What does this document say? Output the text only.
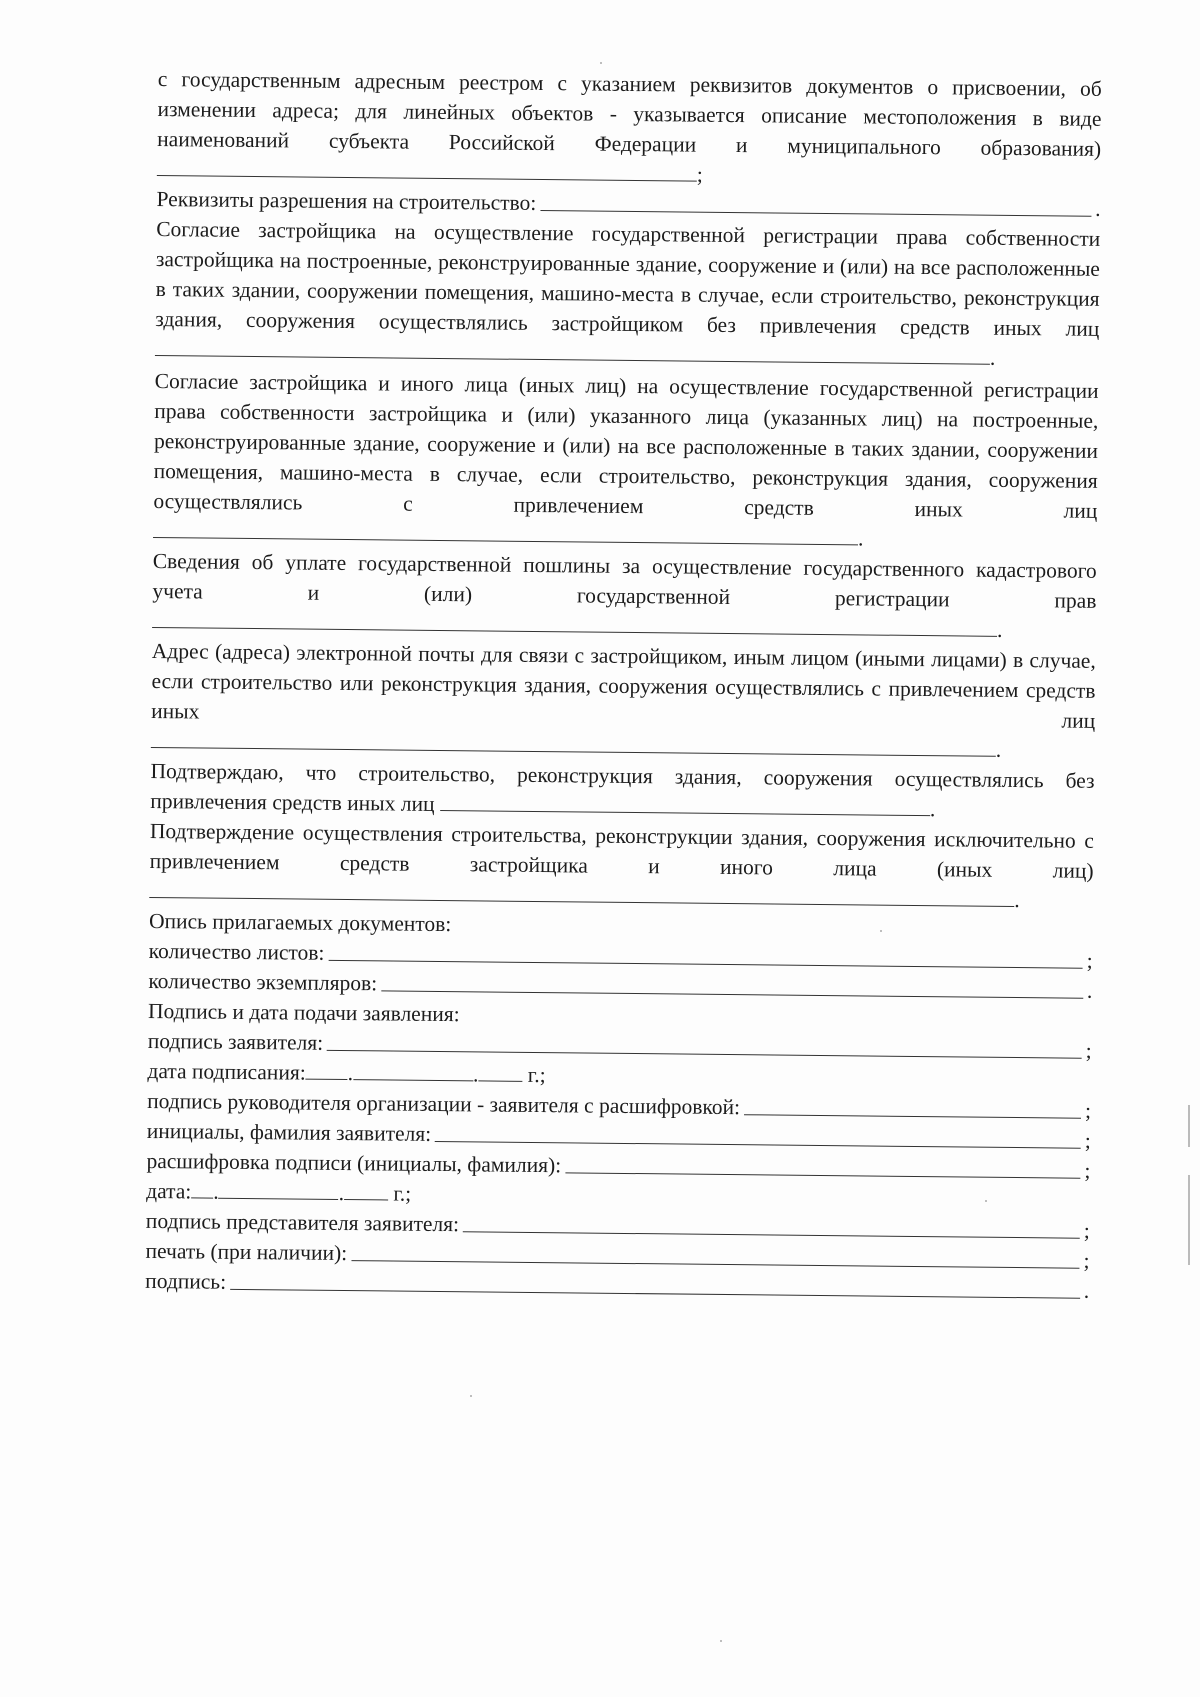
с государственным адресным реестром с указанием реквизитов документов о присвоении, об изменении адреса; для линейных объектов - указывается описание местоположения в виде наименований субъекта Российской Федерации и муниципального образования)

;
Реквизиты разрешения на строительство:	.

Согласие застройщика на осуществление государственной регистрации права собственности застройщика на построенные, реконструированные здание, сооружение и (или) на все расположенные в таких здании, сооружении помещения, машино-места в случае, если строительство, реконструкция здания, сооружения осуществлялись застройщиком без привлечения средств иных лиц

.

Согласие застройщика и иного лица (иных лиц) на осуществление государственной регистрации права собственности застройщика и (или) указанного лица (указанных лиц) на построенные, реконструированные здание, сооружение и (или) на все расположенные в таких здании, сооружении помещения, машино-места в случае, если строительство, реконструкция здания, сооружения осуществлялись с привлечением средств иных лиц

.

Сведения об уплате государственной пошлины за осуществление государственного кадастрового учета и (или) государственной регистрации прав

.

Адрес (адреса) электронной почты для связи с застройщиком, иным лицом (иными лицами) в случае, если строительство или реконструкция здания, сооружения осуществлялись с привлечением средств иных лиц

.

Подтверждаю, что строительство, реконструкция здания, сооружения осуществлялись без привлечения средств иных лиц	.

Подтверждение осуществления строительства, реконструкции здания, сооружения исключительно с привлечением средств застройщика и иного лица (иных лиц)

.
Опись прилагаемых документов:
количество листов:	;
количество экземпляров:	.
Подпись и дата подачи заявления:
подпись заявителя:	;
дата подписания:	.	. г.;
подпись руководителя организации - заявителя с расшифровкой:	;
инициалы, фамилия заявителя:	;
расшифровка подписи (инициалы, фамилия):	;
дата:	.	. г.;
подпись представителя заявителя:	;
печать (при наличии):	;
подпись:	.
